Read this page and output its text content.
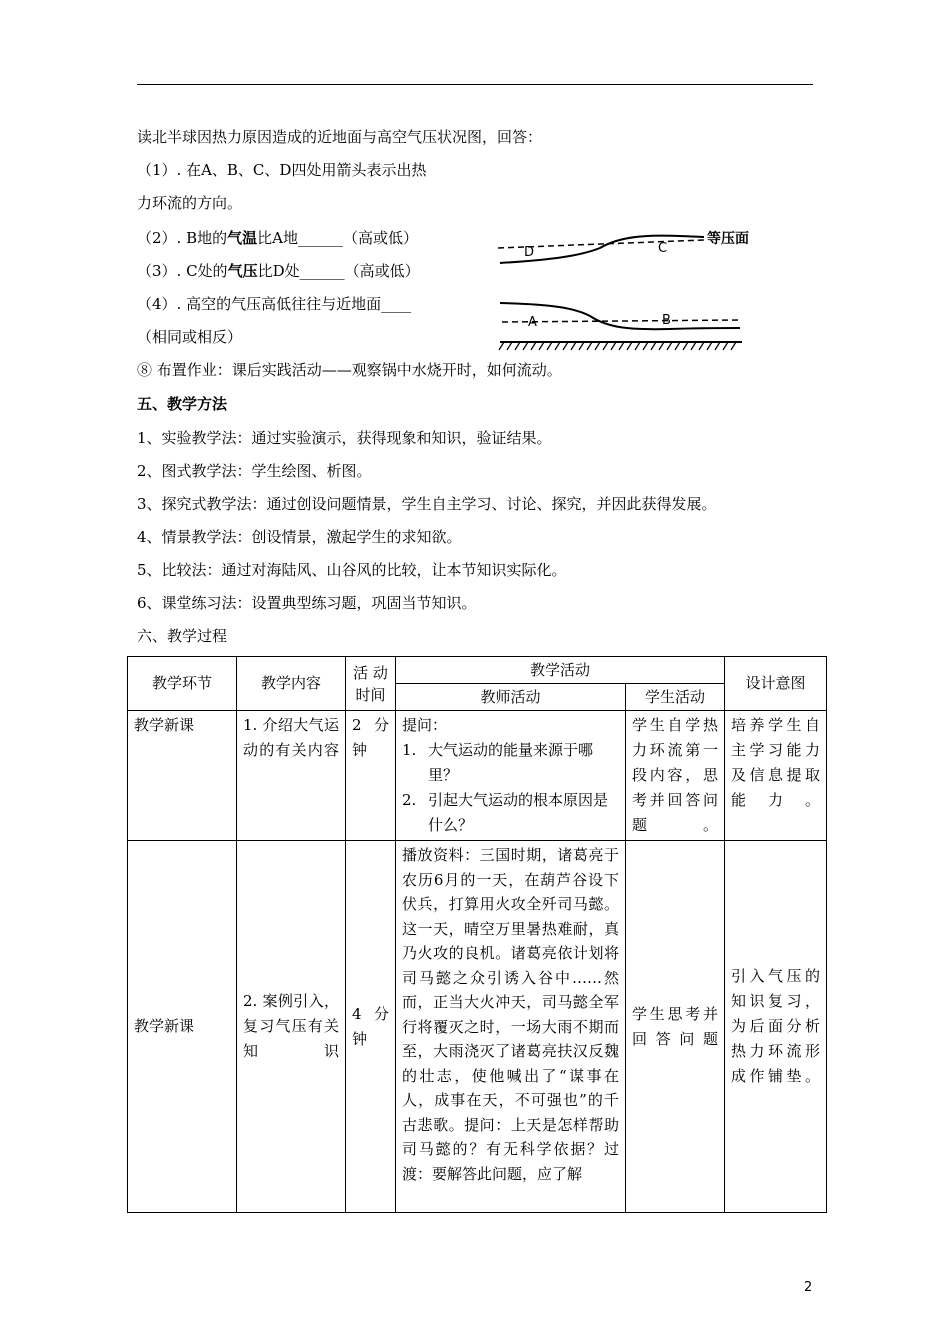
读北半球因热力原因造成的近地面与高空气压状况图，回答：
（1）. 在A、B、C、D四处用箭头表示出热
力环流的方向。
（2）. B地的气温比A地______（高或低）
（3）. C处的气压比D处______（高或低）
（4）. 高空的气压高低往往与近地面____
（相同或相反）
D	C
等压面
A	B
⑧ 布置作业：课后实践活动——观察锅中水烧开时，如何流动。
五、教学方法
1、实验教学法：通过实验演示，获得现象和知识，验证结果。
2、图式教学法：学生绘图、析图。
3、探究式教学法：通过创设问题情景，学生自主学习、讨论、探究，并因此获得发展。
4、情景教学法：创设情景，激起学生的求知欲。
5、比较法：通过对海陆风、山谷风的比较，让本节知识实际化。
6、课堂练习法：设置典型练习题，巩固当节知识。
六、教学过程
教学环节	教学内容	活 动 时间	教学活动		设计意图
			教师活动	学生活动	
教学新课	1. 介绍大气运动的有关内容	2 分钟	提问：
1. 大气运动的能量来源于哪里？
2. 引起大气运动的根本原因是什么？	学生自学热力环流第一段内容，思考并回答问题。	培养学生自主学习能力及信息提取能力。
教学新课	2. 案例引入，复习气压有关知识	4 分钟	播放资料：三国时期，诸葛亮于农历6月的一天，在葫芦谷设下伏兵，打算用火攻全歼司马懿。这一天，晴空万里暑热难耐，真乃火攻的良机。诸葛亮依计划将司马懿之众引诱入谷中……然而，正当大火冲天，司马懿全军行将覆灭之时，一场大雨不期而至，大雨浇灭了诸葛亮扶汉反魏的壮志，使他喊出了“谋事在人，成事在天，不可强也”的千古悲歌。提问：上天是怎样帮助司马懿的？有无科学依据？过渡：要解答此问题，应了解	学生思考并回答问题	引入气压的知识复习，为后面分析热力环流形成作铺垫。
2
